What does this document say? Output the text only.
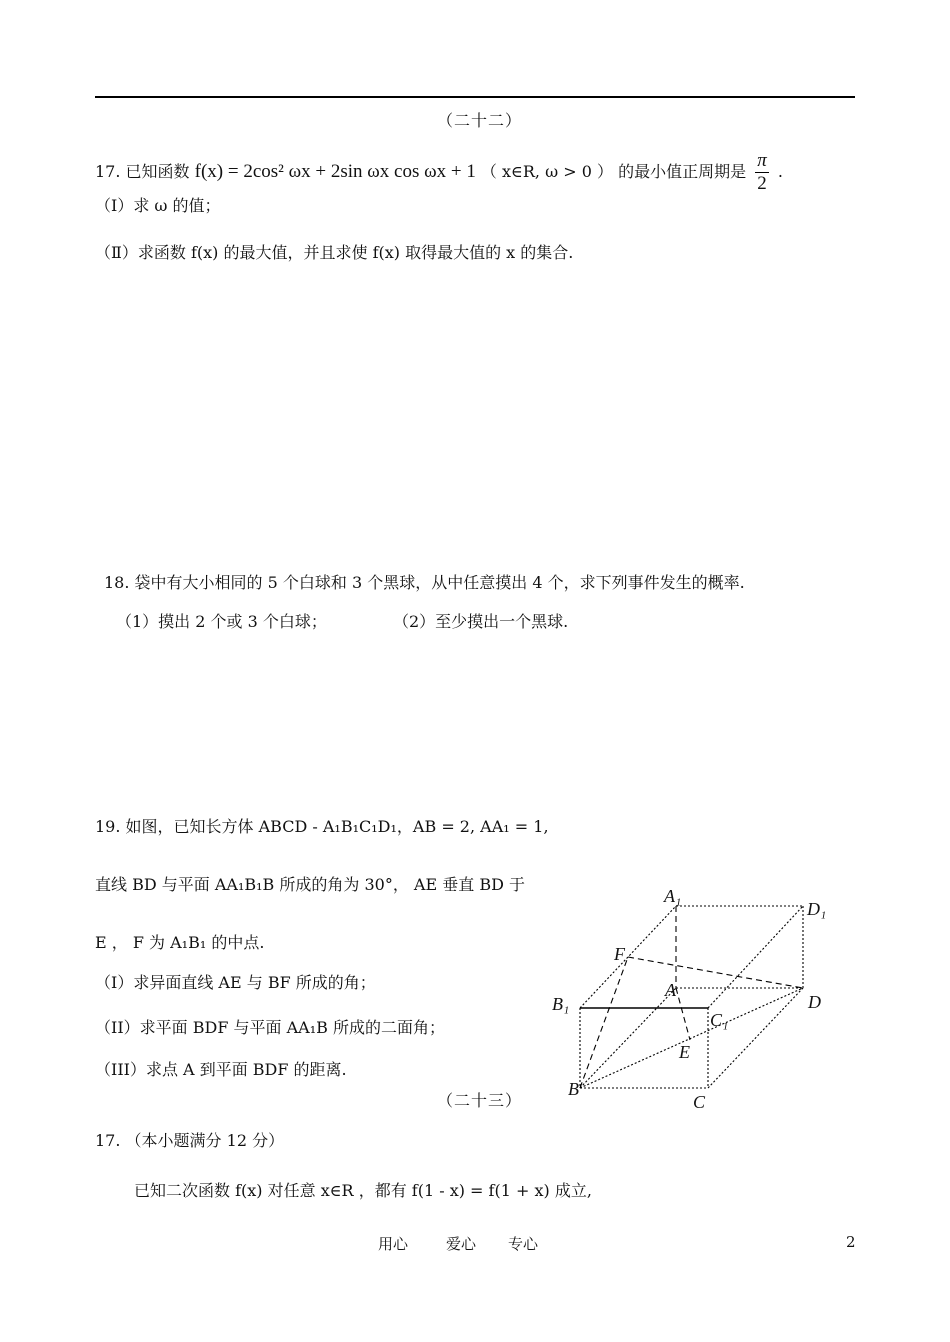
（二十二）
17. 已知函数 f(x) = 2cos² ωx + 2sin ωx cos ωx + 1 （ x∈R, ω > 0 ） 的最小值正周期是 $\frac{\pi}{2}$ .
（Ⅰ）求 ω 的值；
（Ⅱ）求函数 f(x) 的最大值，并且求使 f(x) 取得最大值的 x 的集合.
18. 袋中有大小相同的 5 个白球和 3 个黑球，从中任意摸出 4 个，求下列事件发生的概率.
（1）摸出 2 个或 3 个白球；	（2）至少摸出一个黑球.
19. 如图，已知长方体 ABCD - A₁B₁C₁D₁，AB = 2, AA₁ = 1,
直线 BD 与平面 AA₁B₁B 所成的角为 30°， AE 垂直 BD 于
E ， F 为 A₁B₁ 的中点.
（I）求异面直线 AE 与 BF 所成的角；
（II）求平面 BDF 与平面 AA₁B 所成的二面角；
（III）求点 A 到平面 BDF 的距离.
A₁
D₁
F
A
D
B₁
C₁
E
B
C
（二十三）
17. （本小题满分 12 分）
已知二次函数 f(x) 对任意 x∈R ，都有 f(1 - x) = f(1 + x) 成立,
用心	爱心 专心	2
